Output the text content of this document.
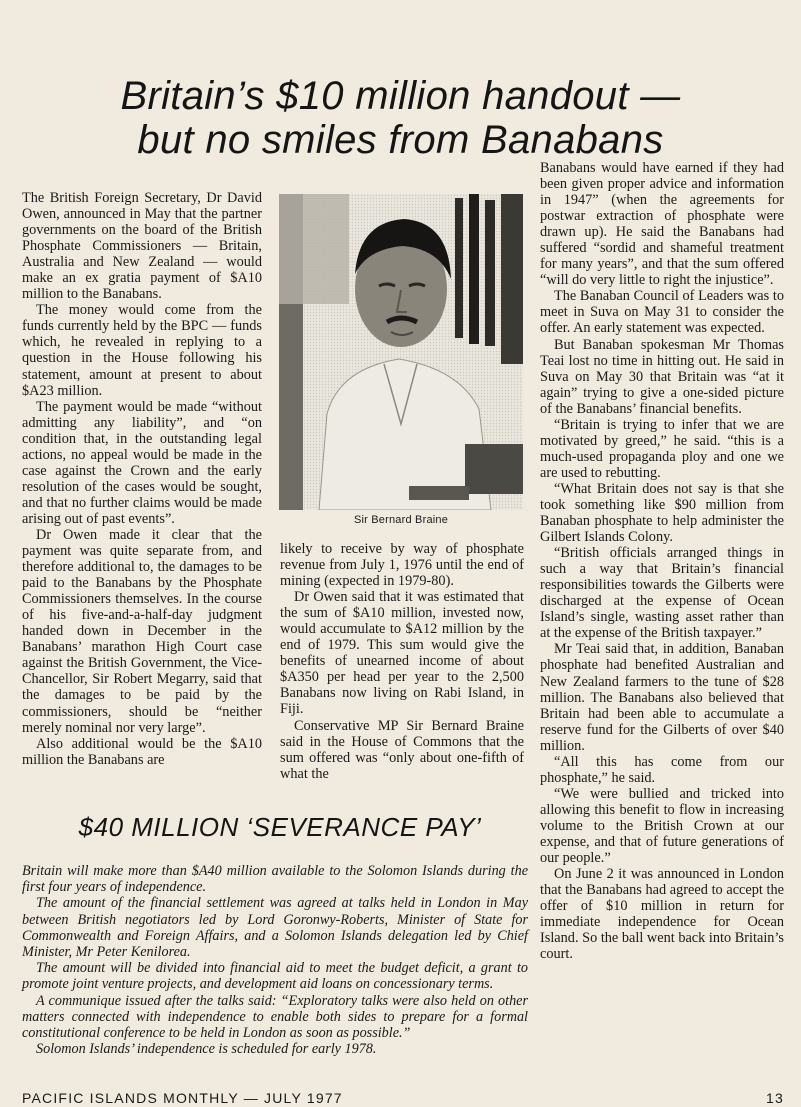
Britain’s $10 million handout —
but no smiles from Banabans

The British Foreign Secretary, Dr David Owen, announced in May that the partner governments on the board of the British Phosphate Commissioners — Britain, Australia and New Zealand — would make an ex gratia payment of $A10 million to the Banabans.

The money would come from the funds currently held by the BPC — funds which, he revealed in replying to a question in the House following his statement, amount at present to about $A23 million.

The payment would be made “without admitting any liability”, and “on condition that, in the outstanding legal actions, no appeal would be made in the case against the Crown and the early resolution of the cases would be sought, and that no further claims would be made arising out of past events”.

Dr Owen made it clear that the payment was quite separate from, and therefore additional to, the damages to be paid to the Banabans by the Phosphate Commissioners themselves. In the course of his five-and-a-half-day judgment handed down in December in the Banabans’ marathon High Court case against the British Government, the Vice-Chancellor, Sir Robert Megarry, said that the damages to be paid by the commissioners, should be “neither merely nominal nor very large”.

Also additional would be the $A10 million the Banabans are

Sir Bernard Braine

likely to receive by way of phosphate revenue from July 1, 1976 until the end of mining (expected in 1979-80).

Dr Owen said that it was estimated that the sum of $A10 million, invested now, would accumulate to $A12 million by the end of 1979. This sum would give the benefits of unearned income of about $A350 per head per year to the 2,500 Banabans now living on Rabi Island, in Fiji.

Conservative MP Sir Bernard Braine said in the House of Commons that the sum offered was “only about one-fifth of what the

Banabans would have earned if they had been given proper advice and information in 1947” (when the agreements for postwar extraction of phosphate were drawn up). He said the Banabans had suffered “sordid and shameful treatment for many years”, and that the sum offered “will do very little to right the injustice”.

The Banaban Council of Leaders was to meet in Suva on May 31 to consider the offer. An early statement was expected.

But Banaban spokesman Mr Thomas Teai lost no time in hitting out. He said in Suva on May 30 that Britain was “at it again” trying to give a one-sided picture of the Banabans’ financial benefits.

“Britain is trying to infer that we are motivated by greed,” he said. “this is a much-used propaganda ploy and one we are used to rebutting.

“What Britain does not say is that she took something like $90 million from Banaban phosphate to help administer the Gilbert Islands Colony.

“British officials arranged things in such a way that Britain’s financial responsibilities towards the Gilberts were discharged at the expense of Ocean Island’s single, wasting asset rather than at the expense of the British taxpayer.”

Mr Teai said that, in addition, Banaban phosphate had benefited Australian and New Zealand farmers to the tune of $28 million. The Banabans also believed that Britain had been able to accumulate a reserve fund for the Gilberts of over $40 million.

“All this has come from our phosphate,” he said.

“We were bullied and tricked into allowing this benefit to flow in increasing volume to the British Crown at our expense, and that of future generations of our people.”

On June 2 it was announced in London that the Banabans had agreed to accept the offer of $10 million in return for immediate independence for Ocean Island. So the ball went back into Britain’s court.

$40 MILLION ‘SEVERANCE PAY’

Britain will make more than $A40 million available to the Solomon Islands during the first four years of independence.

The amount of the financial settlement was agreed at talks held in London in May between British negotiators led by Lord Goronwy-Roberts, Minister of State for Commonwealth and Foreign Affairs, and a Solomon Islands delegation led by Chief Minister, Mr Peter Kenilorea.

The amount will be divided into financial aid to meet the budget deficit, a grant to promote joint venture projects, and development aid loans on concessionary terms.

A communique issued after the talks said: “Exploratory talks were also held on other matters connected with independence to enable both sides to prepare for a formal constitutional conference to be held in London as soon as possible.”

Solomon Islands’ independence is scheduled for early 1978.

PACIFIC ISLANDS MONTHLY — JULY 1977	13
